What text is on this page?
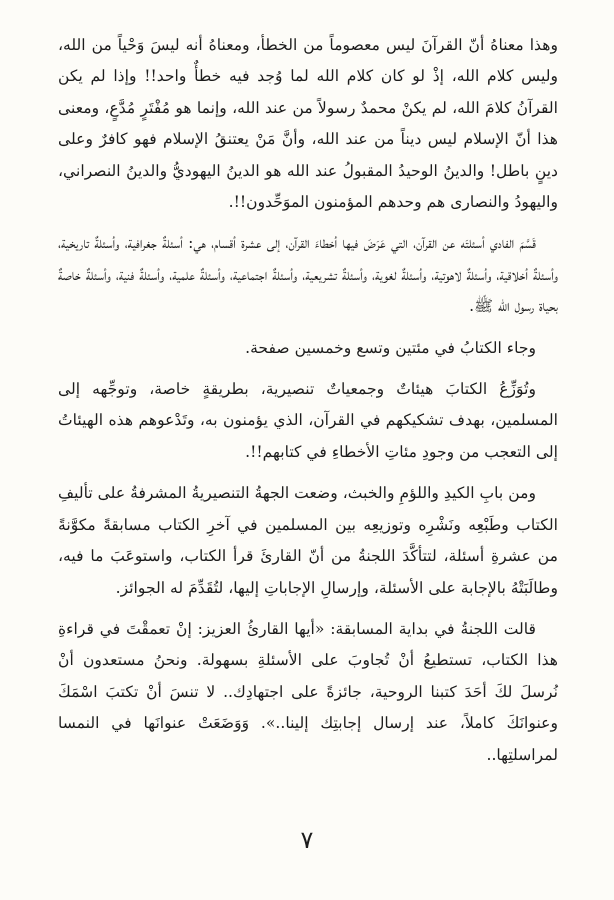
وهذا معناهُ أنّ القرآنَ ليس معصوماً من الخطأ، ومعناهُ أنه ليسَ وَحْياً من الله، وليس كلام الله، إذْ لو كان كلام الله لما وُجد فيه خطأٌ واحد!! وإذا لم يكن القرآنُ كلامَ الله، لم يكنْ محمدٌ رسولاً من عند الله، وإنما هو مُفْتَرٍ مُدَّعٍ، ومعنى هذا أنّ الإسلام ليس ديناً من عند الله، وأنَّ مَنْ يعتنقُ الإسلام فهو كافرٌ وعلى دينٍ باطل! والدينُ الوحيدُ المقبولُ عند الله هو الدينُ اليهوديُّ والدينُ النصراني، واليهودُ والنصارى هم وحدهم المؤمنون الموَحِّدون!!.

قَسَّمَ الفادي أسئلتَه عن القرآن، التي عَرَضَ فيها أخطاءَ القرآن، إلى عشرة أقسام، هي: أسئلةٌ جغرافية، وأسئلةٌ تاريخية، وأسئلةٌ أخلاقية، وأسئلةٌ لاهوتية، وأسئلةٌ لغوية، وأسئلةٌ تشريعية، وأسئلةٌ اجتماعية، وأسئلةٌ علمية، وأسئلةٌ فنية، وأسئلةٌ خاصةٌ بحياة رسول الله ﷺ.

وجاء الكتابُ في مئتين وتسع وخمسين صفحة.

وتُوَزِّعُ الكتابَ هيئاتٌ وجمعياتٌ تنصيرية، بطريقةٍ خاصة، وتوجِّهه إلى المسلمين، بهدف تشكيكهم في القرآن، الذي يؤمنون به، وتَدْعوهم هذه الهيئاتُ إلى التعجب من وجودِ مئاتِ الأخطاءِ في كتابهم!!.

ومن بابِ الكيدِ واللؤمِ والخبث، وضعت الجهةُ التنصيريةُ المشرفةُ على تأليفِ الكتاب وطَبْعِه ونَشْرِه وتوزيعِه بين المسلمين في آخرِ الكتاب مسابقةً مكوَّنةً من عشرةِ أسئلة، لتتأكَّدَ اللجنةُ من أنّ القارئَ قرأ الكتاب، واستوعَبَ ما فيه، وطالَبَتْهُ بالإجابة على الأسئلة، وإرسالِ الإجاباتِ إليها، لتُقَدِّمَ له الجوائز.

قالت اللجنةُ في بداية المسابقة: «أيها القارئُ العزيز: إنْ تعمقْتَ في قراءةِ هذا الكتاب، تستطيعُ أنْ تُجاوبَ على الأسئلةِ بسهولة. ونحنُ مستعدون أنْ نُرسلَ لكَ أحَدَ كتبنا الروحية، جائزةً على اجتهادِك.. لا تنسَ أنْ تكتبَ اسْمَكَ وعنوانَكَ كاملاً، عند إرسال إجابتِك إلينا..». وَوَضَعَتْ عنوانَها في النمسا لمراسلتِها..

٧
